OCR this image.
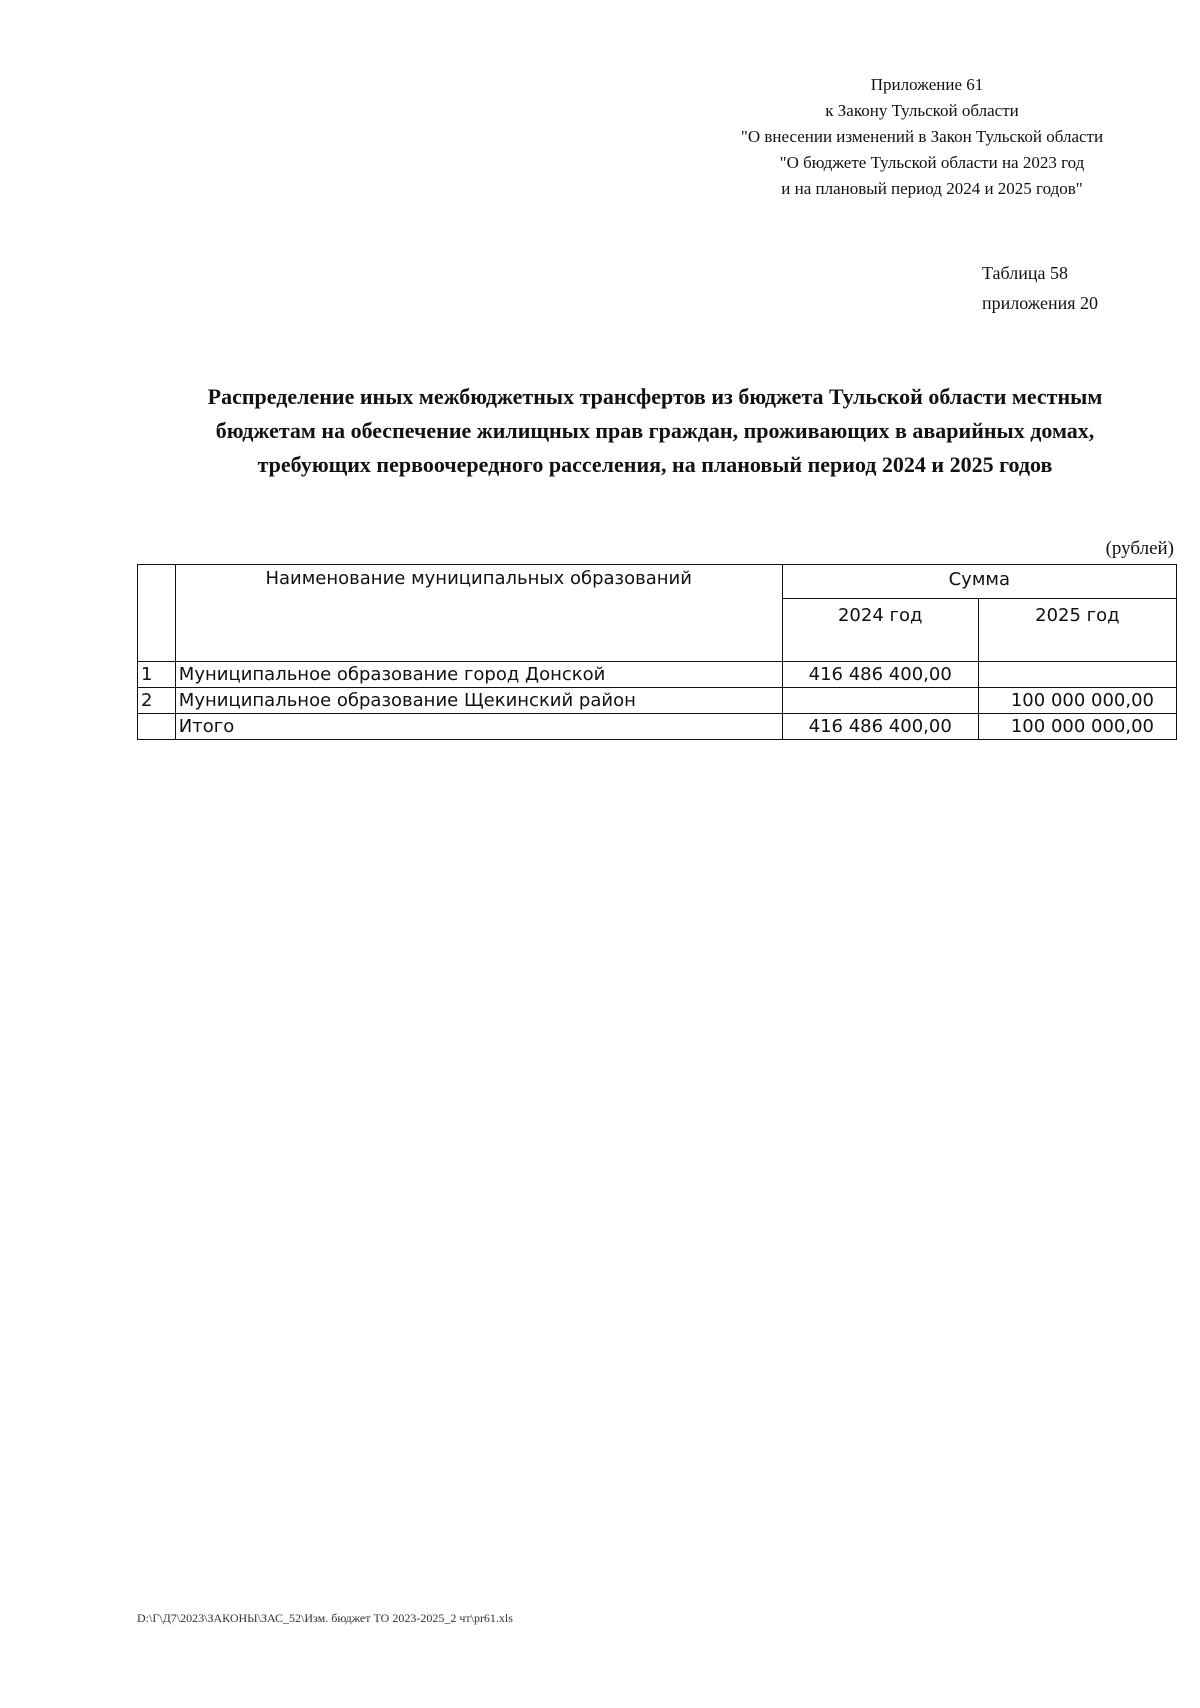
Приложение 61
к Закону Тульской области
"О внесении изменений в Закон Тульской области
"О бюджете Тульской области на 2023 год
и на плановый период 2024 и 2025 годов"
Таблица 58
приложения 20
Распределение иных межбюджетных трансфертов из бюджета Тульской области местным
бюджетам на обеспечение жилищных прав граждан, проживающих в аварийных домах,
требующих первоочередного расселения, на плановый период 2024 и 2025 годов
(рублей)
	Наименование муниципальных образований	Сумма	
		2024 год	2025 год
1	Муниципальное образование город Донской	416 486 400,00	
2	Муниципальное образование Щекинский район		100 000 000,00
	Итого	416 486 400,00	100 000 000,00
D:\Г\Д7\2023\ЗАКОНЫ\ЗАС_52\Изм. бюджет ТО 2023-2025_2 чт\pr61.xls
